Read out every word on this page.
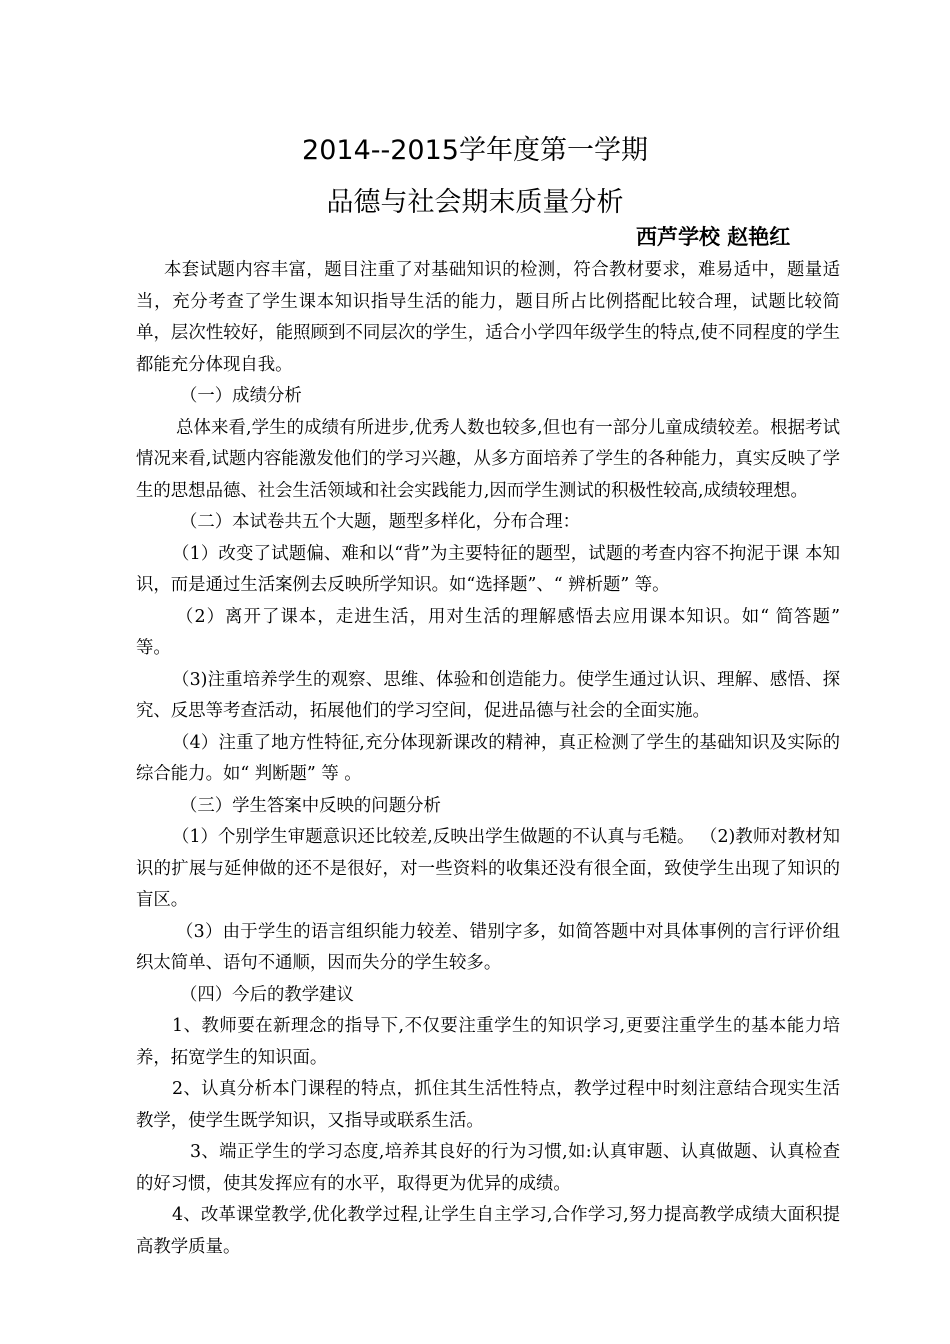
2014--2015学年度第一学期
品德与社会期末质量分析
西芦学校 赵艳红

本套试题内容丰富，题目注重了对基础知识的检测，符合教材要求，难易适中，题量适当，充分考查了学生课本知识指导生活的能力，题目所占比例搭配比较合理，试题比较简单，层次性较好，能照顾到不同层次的学生，适合小学四年级学生的特点,使不同程度的学生都能充分体现自我。

（一）成绩分析

总体来看,学生的成绩有所进步,优秀人数也较多,但也有一部分儿童成绩较差。根据考试情况来看,试题内容能激发他们的学习兴趣，从多方面培养了学生的各种能力，真实反映了学生的思想品德、社会生活领域和社会实践能力,因而学生测试的积极性较高,成绩较理想。

（二）本试卷共五个大题，题型多样化，分布合理：

（1）改变了试题偏、难和以“背”为主要特征的题型，试题的考查内容不拘泥于课 本知识，而是通过生活案例去反映所学知识。如“选择题”、“ 辨析题” 等。

（2）离开了课本，走进生活，用对生活的理解感悟去应用课本知识。如“ 简答题” 等。

（3)注重培养学生的观察、思维、体验和创造能力。使学生通过认识、理解、感悟、探究、反思等考查活动，拓展他们的学习空间，促进品德与社会的全面实施。

（4）注重了地方性特征,充分体现新课改的精神，真正检测了学生的基础知识及实际的综合能力。如“ 判断题” 等 。

（三）学生答案中反映的问题分析

（1）个别学生审题意识还比较差,反映出学生做题的不认真与毛糙。 （2)教师对教材知识的扩展与延伸做的还不是很好，对一些资料的收集还没有很全面，致使学生出现了知识的盲区。

（3）由于学生的语言组织能力较差、错别字多，如简答题中对具体事例的言行评价组织太简单、语句不通顺，因而失分的学生较多。

（四）今后的教学建议

1、教师要在新理念的指导下,不仅要注重学生的知识学习,更要注重学生的基本能力培养，拓宽学生的知识面。

2、认真分析本门课程的特点，抓住其生活性特点，教学过程中时刻注意结合现实生活教学，使学生既学知识，又指导或联系生活。

3、端正学生的学习态度,培养其良好的行为习惯,如:认真审题、认真做题、认真检查的好习惯，使其发挥应有的水平，取得更为优异的成绩。

4、改革课堂教学,优化教学过程,让学生自主学习,合作学习,努力提高教学成绩大面积提高教学质量。
